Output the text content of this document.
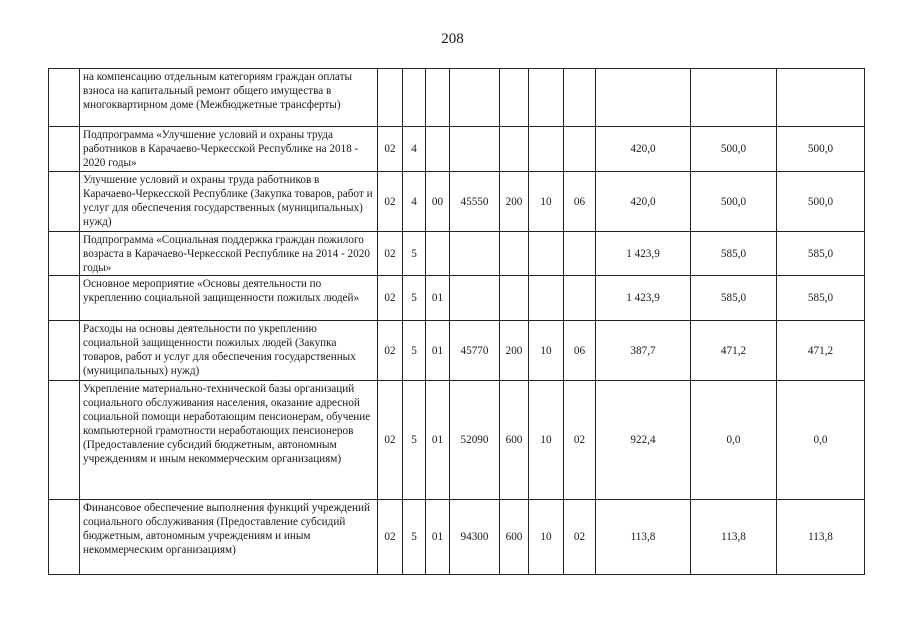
208
	на компенсацию отдельным категориям граждан оплаты взноса на капитальный ремонт общего имущества в многоквартирном доме (Межбюджетные трансферты)										
	Подпрограмма «Улучшение условий и охраны труда работников в Карачаево-Черкесской Республике на 2018 - 2020 годы»	02	4						420,0	500,0	500,0
	Улучшение условий и охраны труда работников в Карачаево-Черкесской Республике (Закупка товаров, работ и услуг для обеспечения государственных (муниципальных) нужд)	02	4	00	45550	200	10	06	420,0	500,0	500,0
	Подпрограмма «Социальная поддержка граждан пожилого возраста в Карачаево-Черкесской Республике на 2014 - 2020 годы»	02	5						1 423,9	585,0	585,0
	Основное мероприятие «Основы деятельности по укреплению социальной защищенности пожилых людей»	02	5	01					1 423,9	585,0	585,0
	Расходы на основы деятельности по укреплению социальной защищенности пожилых людей (Закупка товаров, работ и услуг для обеспечения государственных (муниципальных) нужд)	02	5	01	45770	200	10	06	387,7	471,2	471,2
	Укрепление материально-технической базы организаций социального обслуживания населения, оказание адресной социальной помощи неработающим пенсионерам, обучение компьютерной грамотности неработающих пенсионеров (Предоставление субсидий бюджетным, автономным учреждениям и иным некоммерческим организациям)	02	5	01	52090	600	10	02	922,4	0,0	0,0
	Финансовое обеспечение выполнения функций учреждений социального обслуживания (Предоставление субсидий бюджетным, автономным учреждениям и иным некоммерческим организациям)	02	5	01	94300	600	10	02	113,8	113,8	113,8
